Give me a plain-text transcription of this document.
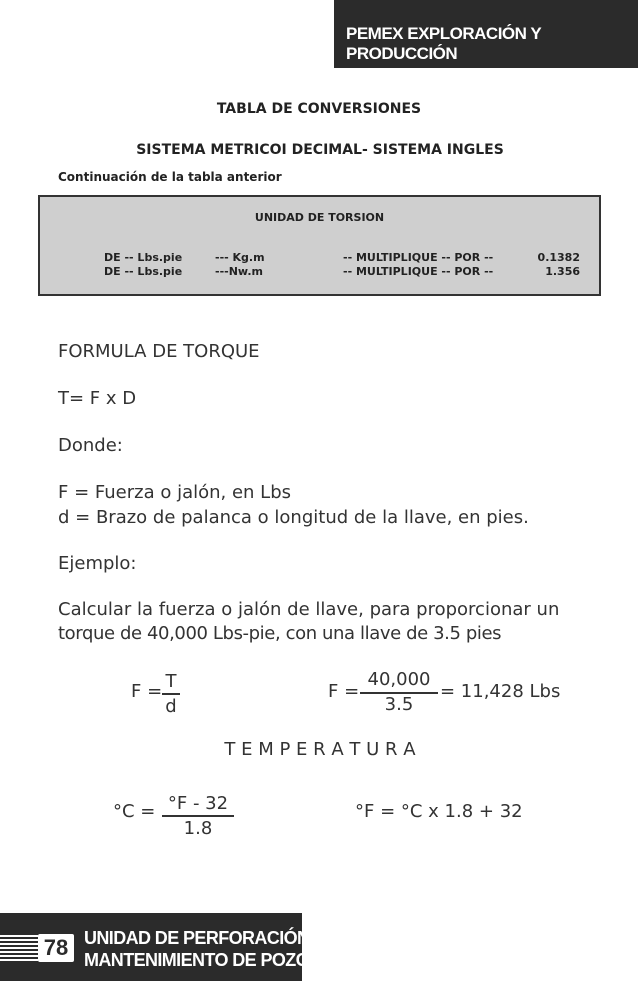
PEMEX EXPLORACIÓN Y PRODUCCIÓN
TABLA DE CONVERSIONES
SISTEMA METRICOI DECIMAL- SISTEMA INGLES
Continuación de la tabla anterior
UNIDAD DE TORSION
DE -- Lbs.pie	--- Kg.m	-- MULTIPLIQUE -- POR --	0.1382
DE -- Lbs.pie	---Nw.m	-- MULTIPLIQUE -- POR --	1.356
FORMULA DE TORQUE
T= F x D
Donde:
F = Fuerza o jalón, en Lbs
d = Brazo de palanca o longitud de la llave, en pies.
Ejemplo:
Calcular la fuerza o jalón de llave, para proporcionar un
torque de 40,000 Lbs-pie, con una llave de 3.5 pies
F = T
d
F =
40,000
3.5
= 11,428 Lbs
T E M P E R A T U R A
°C = °F - 32
1.8
°F = °C x 1.8 + 32
78 UNIDAD DE PERFORACIÓN Y
MANTENIMIENTO DE POZOS
